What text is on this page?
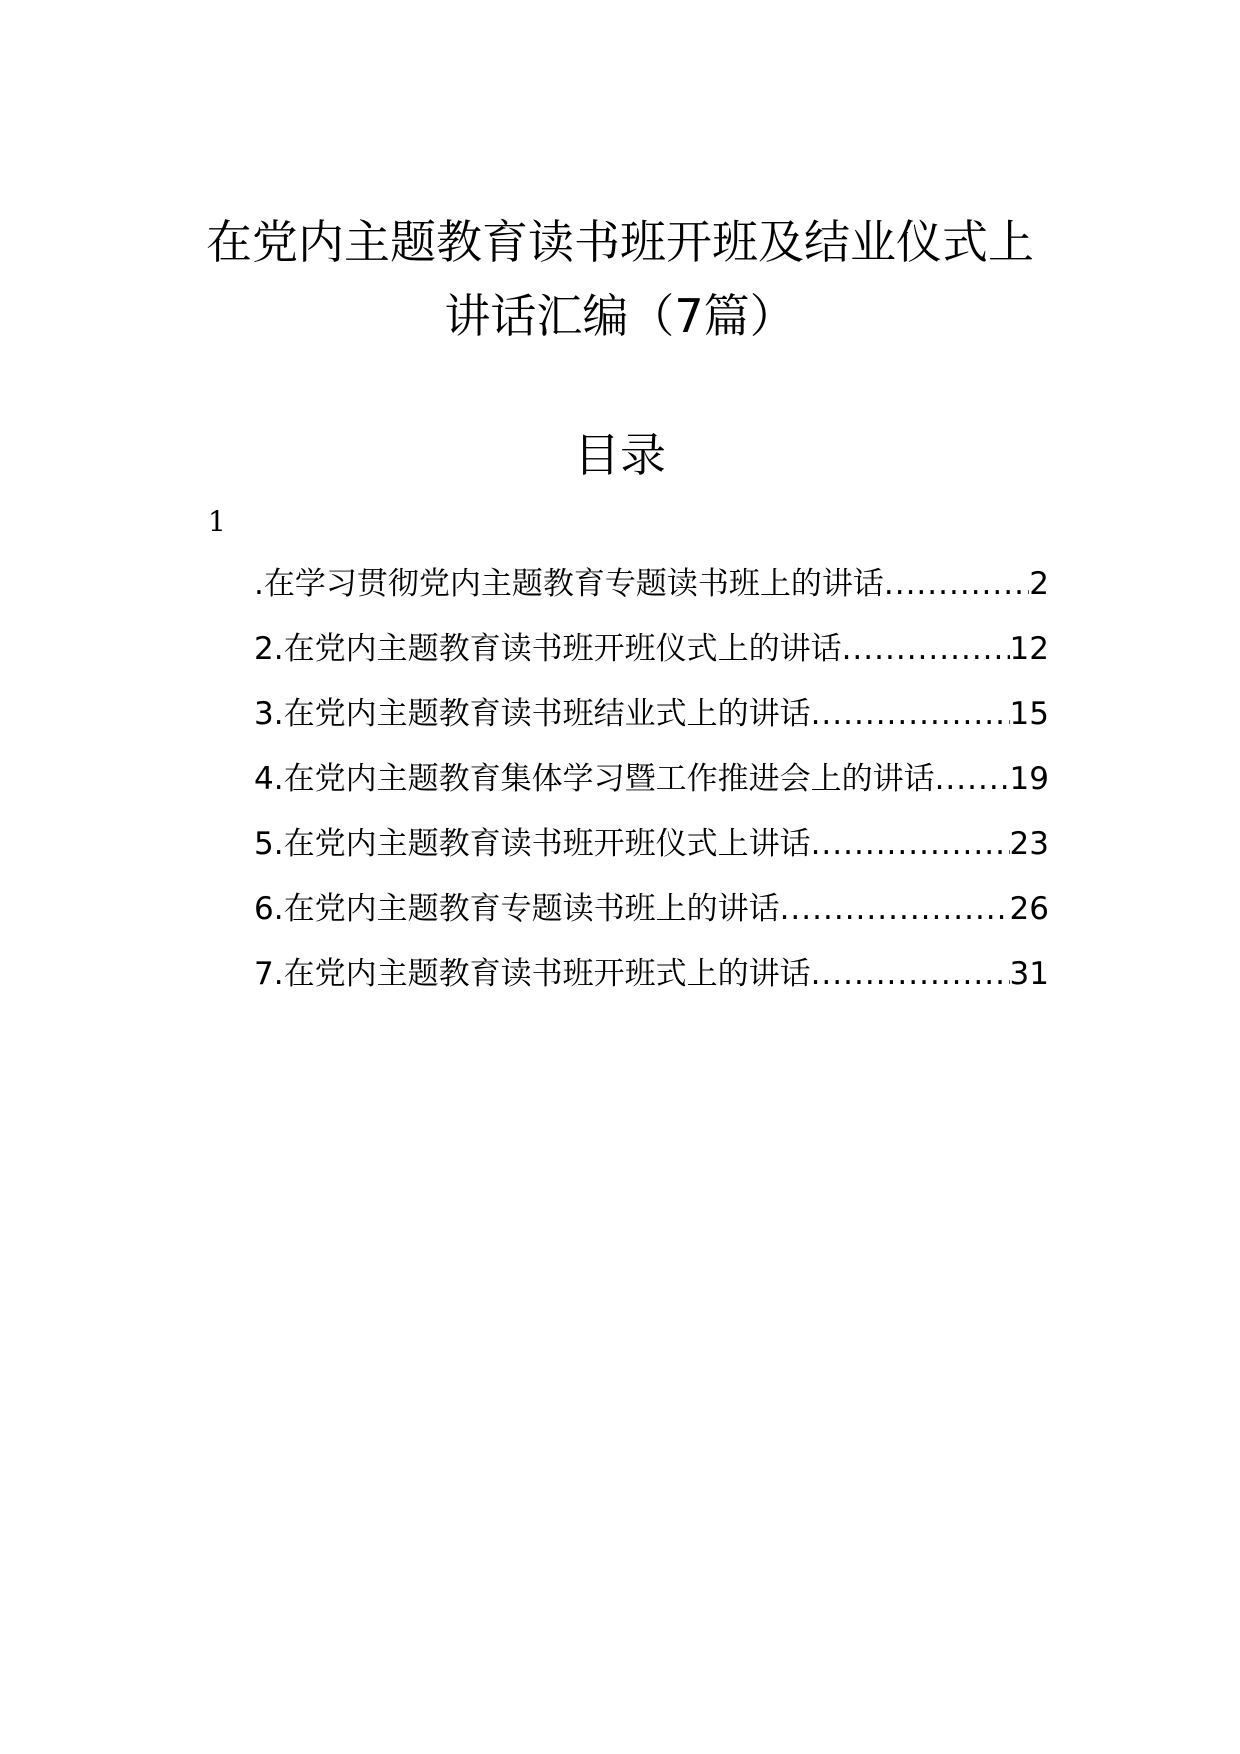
在党内主题教育读书班开班及结业仪式上
讲话汇编（7篇）
目录
1
.在学习贯彻党内主题教育专题读书班上的讲话 .....	2
2.在党内主题教育读书班开班仪式上的讲话 .....	12
3.在党内主题教育读书班结业式上的讲话 .....	15
4.在党内主题教育集体学习暨工作推进会上的讲话 ..... 19
5.在党内主题教育读书班开班仪式上讲话 .....	23
6.在党内主题教育专题读书班上的讲话 .....	26
7.在党内主题教育读书班开班式上的讲话 .....	31
